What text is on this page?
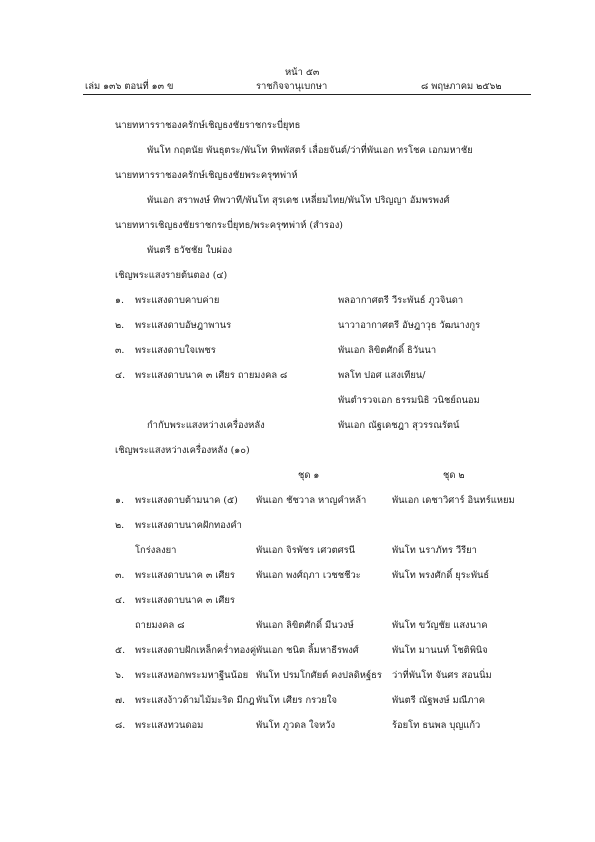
หน้า ๕๓
เล่ม ๑๓๖ ตอนที่ ๑๓ ข	ราชกิจจานุเบกษา	๘ พฤษภาคม ๒๕๖๒
นายทหารราชองครักษ์เชิญธงชัยราชกระบี่ยุทธ
พันโท กฤตนัย พันธุตระ/พันโท ทิพพัสตร์ เลื่อยจันต์/ว่าที่พันเอก ทรโชค เอกมหาชัย
นายทหารราชองครักษ์เชิญธงชัยพระครุฑพ่าห์
พันเอก สราพงษ์ ทิพวาที/พันโท สุรเดช เหลี่ยมไทย/พันโท ปริญญา อัมพรพงศ์
นายทหารเชิญธงชัยราชกระบี่ยุทธ/พระครุฑพ่าห์ (สำรอง)
พันตรี ธวัชชัย ใบผ่อง
เชิญพระแสงรายต้นตอง (๔)
๑. พระแสงดาบคาบค่าย	พลอากาศตรี วีระพันธ์ ภูวจินดา
๒. พระแสงดาบอัษฎาพานร	นาวาอากาศตรี อัษฎาวุธ วัฒนางกูร
๓. พระแสงดาบใจเพชร	พันเอก ลิขิตศักดิ์ ธิวันนา
๔. พระแสงดาบนาค ๓ เศียร ถายมงคล ๘	พลโท ปอศ แสงเทียน/
พันตำรวจเอก ธรรมนิธิ วนิชย์ถนอม
กำกับพระแสงหว่างเครื่องหลัง	พันเอก ณัฐเดชฎา สุวรรณรัตน์
เชิญพระแสงหว่างเครื่องหลัง (๑๐)
ชุด ๑	ชุด ๒
๑. พระแสงดาบต้ามนาค (๕) พันเอก ชัชวาล หาญคำหล้า	พันเอก เดชาวิศาร์ อินทร์แหยม
๒. พระแสงดาบนาคฝักทองคำ
โกร่งลงยา	พันเอก จิรพัชร เศวตศรนี	พันโท นราภัทร วีรียา
๓. พระแสงดาบนาค ๓ เศียร พันเอก พงศ์ฤภา เวชชชีวะ	พันโท พรงศักดิ์ ยุระพันธ์
๔. พระแสงดาบนาค ๓ เศียร
ถายมงคล ๘	พันเอก ลิขิตศักดิ์ มีนวงษ์	พันโท ขวัญชัย แสงนาค
๕. พระแสงดาบฝักเหล็กคร่ำทองคู่ พันเอก ชนิต ลิ้มหาธีรพงศ์	พันโท มานนท์ โชติพินิจ
๖. พระแสงหอกพระมหาฐีนน้อย พันโท ปรมโกศัยต์ คงปลดิหฐ์ธร ว่าที่พันโท จันศร สอนนิ่ม
๗. พระแสงง้าวด้ามไม้มะริด มีกฎ พันโท เศียร กรวยใจ	พันตรี ณัฐพงษ์ มณีภาค
๘. พระแสงทวนดอม	พันโท ภูวดล ใจหวัง	ร้อยโท ธนพล บุญแก้ว
